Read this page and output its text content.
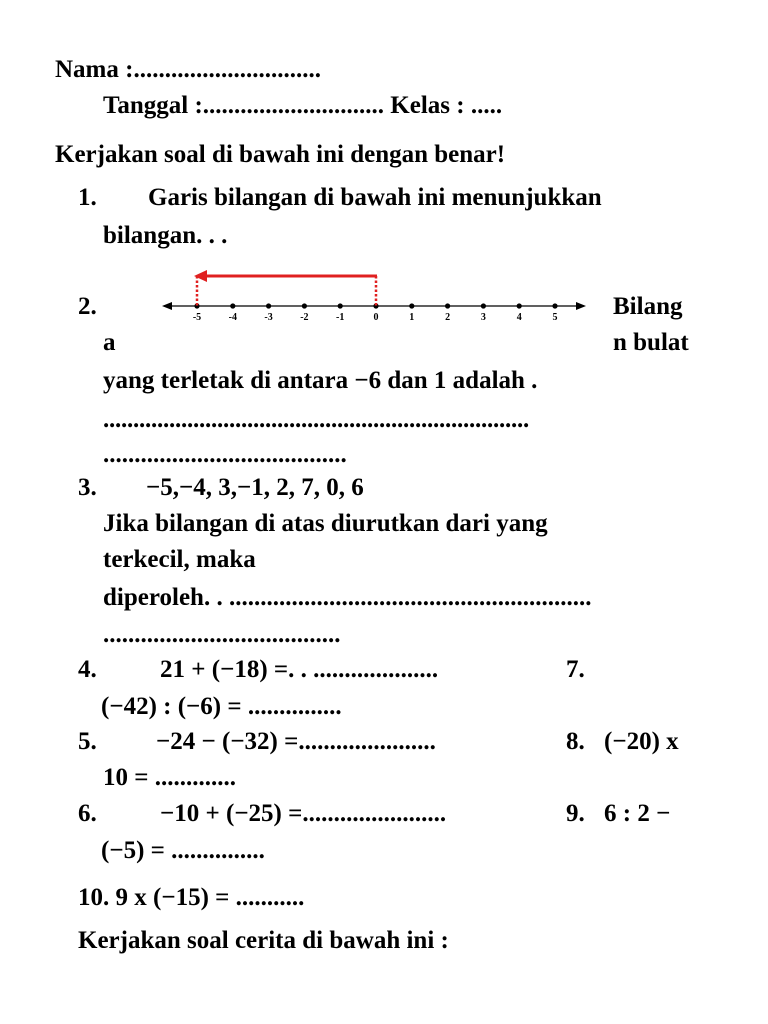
Nama :..............................
Tanggal :............................. Kelas : .....
Kerjakan soal di bawah ini dengan benar!
1. Garis bilangan di bawah ini menunjukkan
bilangan. . .
2.	-5	-4	-3	-2	-1	0	1	2	3	4	5 Bilang
a	n bulat
yang terletak di antara −6 dan 1 adalah .
.......................................................................
.......................................
3. −5,−4, 3,−1, 2, 7, 0, 6
Jika bilangan di atas diurutkan dari yang
terkecil, maka
diperoleh. . ..........................................................
......................................
4.	21 + (−18) =. . ....................	7.
(−42) : (−6) = ...............
5. −24 − (−32) =......................	8. (−20) x
10 = .............
6.	−10 + (−25) =.......................	9. 6 : 2 −
(−5) = ...............
10. 9 x (−15) = ...........
Kerjakan soal cerita di bawah ini :
